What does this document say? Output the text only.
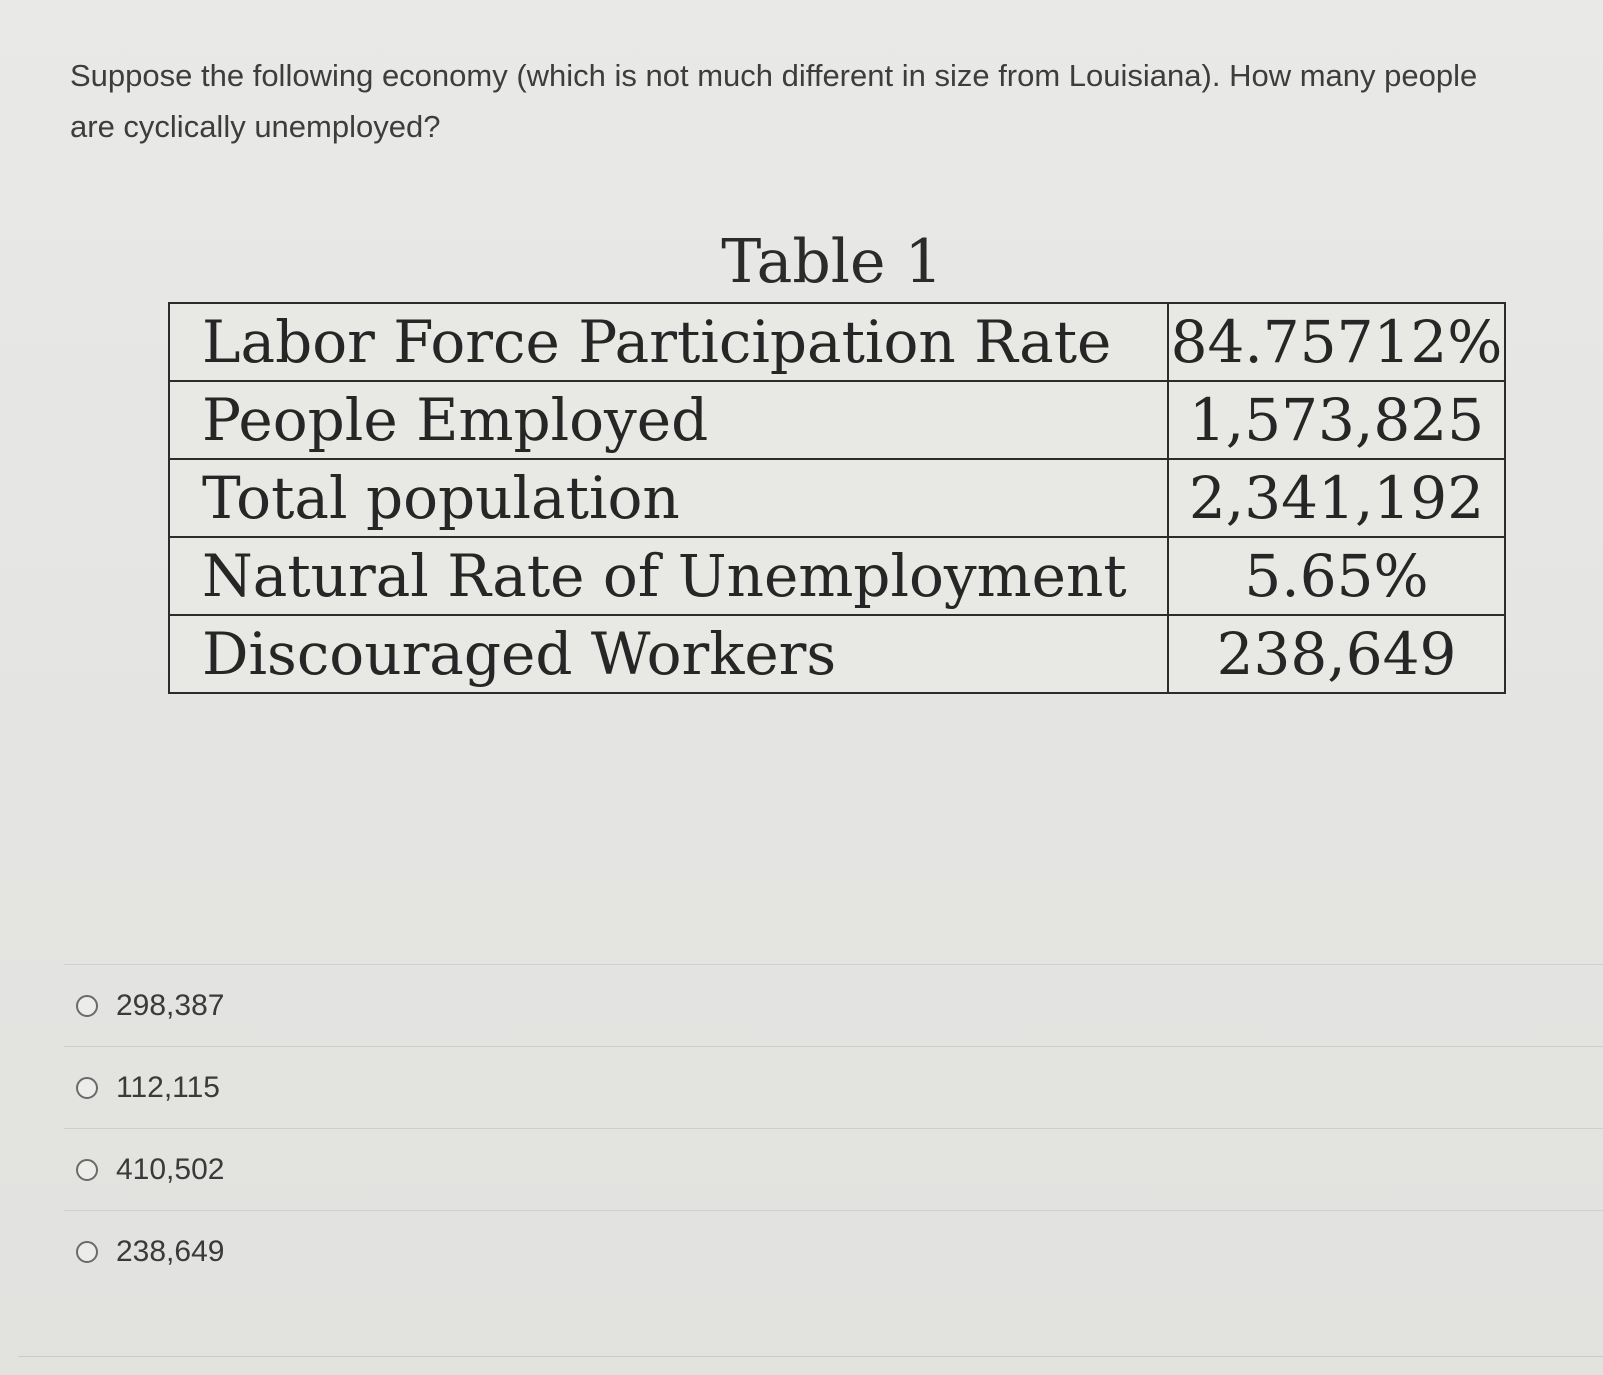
Suppose the following economy (which is not much different in size from Louisiana). How many people are cyclically unemployed?

Table 1
Labor Force Participation Rate	84.75712%
People Employed	1,573,825
Total population	2,341,192
Natural Rate of Unemployment	5.65%
Discouraged Workers	238,649
298,387
112,115
410,502
238,649
